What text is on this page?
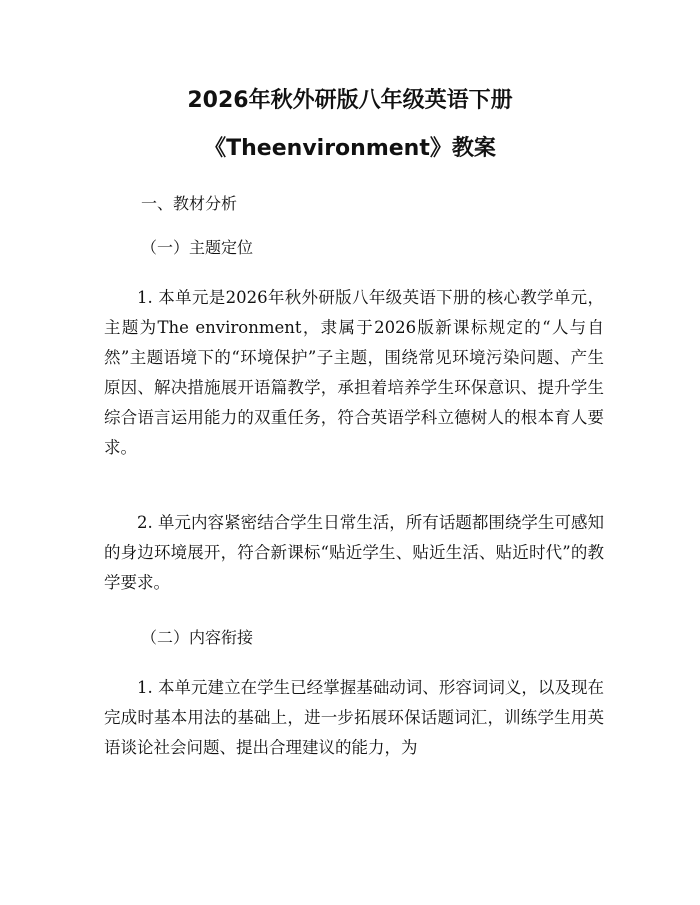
2026年秋外研版八年级英语下册
《Theenvironment》教案
一、教材分析
（一）主题定位

1. 本单元是2026年秋外研版八年级英语下册的核心教学单元，主题为The environment，隶属于2026版新课标规定的“人与自然”主题语境下的“环境保护”子主题，围绕常见环境污染问题、产生原因、解决措施展开语篇教学，承担着培养学生环保意识、提升学生综合语言运用能力的双重任务，符合英语学科立德树人的根本育人要求。

2. 单元内容紧密结合学生日常生活，所有话题都围绕学生可感知的身边环境展开，符合新课标“贴近学生、贴近生活、贴近时代”的教学要求。

（二）内容衔接

1. 本单元建立在学生已经掌握基础动词、形容词词义，以及现在完成时基本用法的基础上，进一步拓展环保话题词汇，训练学生用英语谈论社会问题、提出合理建议的能力，为
